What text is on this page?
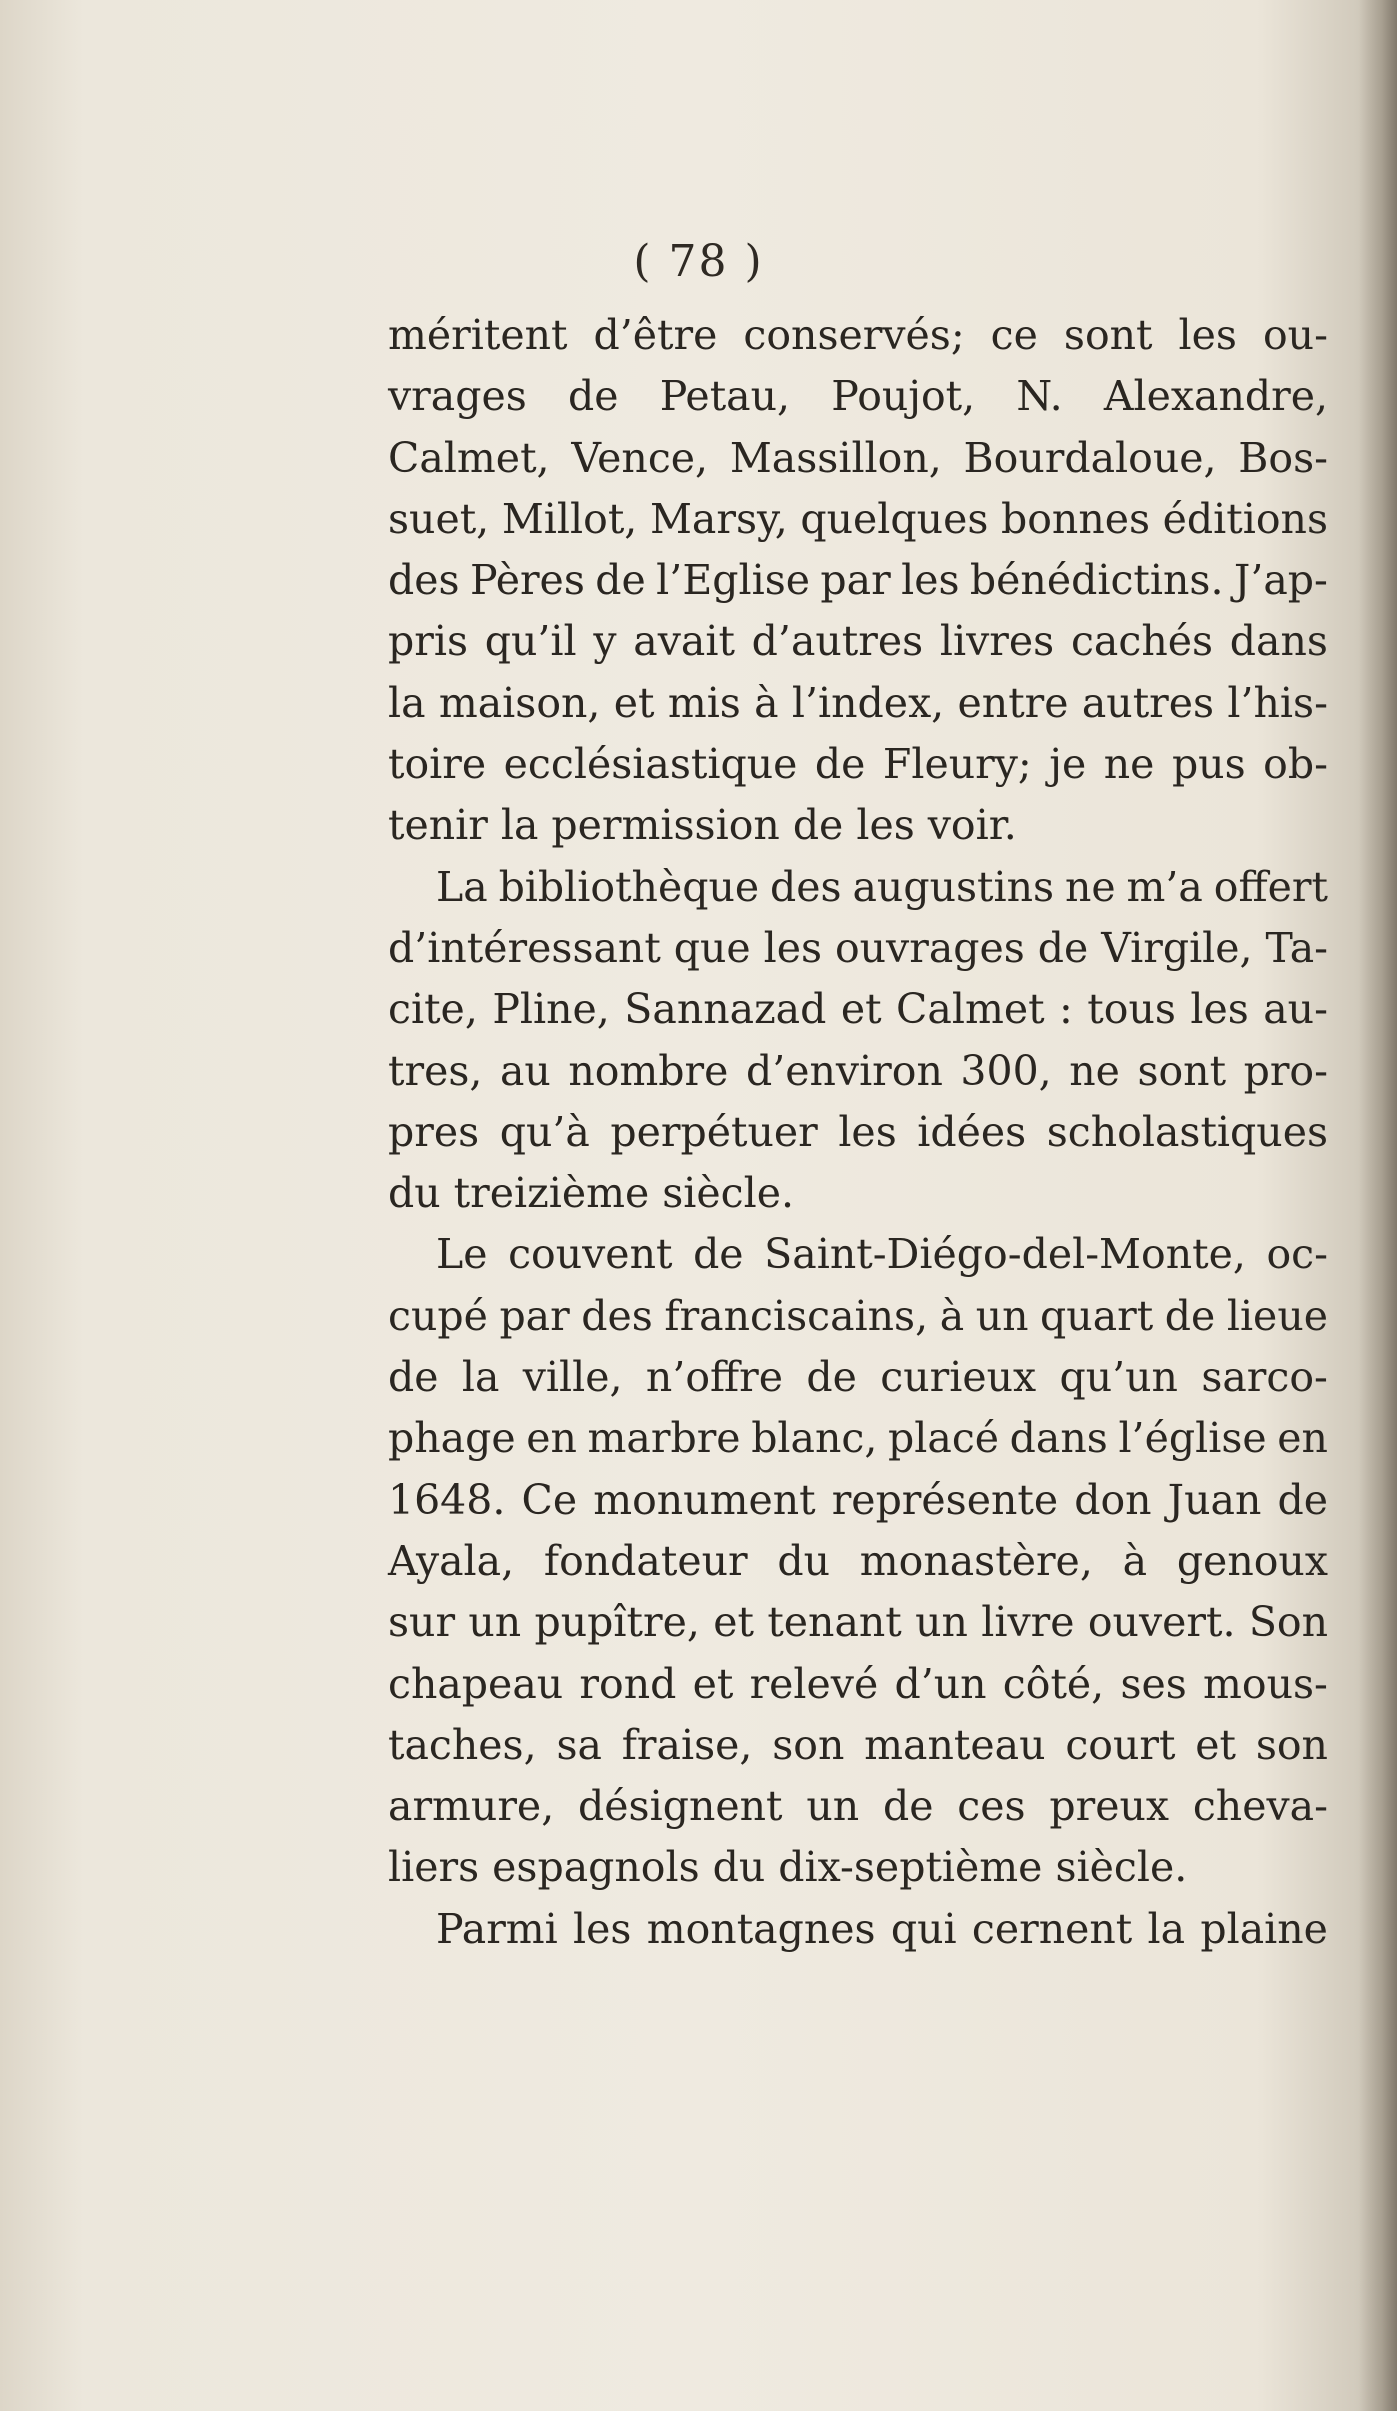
( 78 )
méritent d’être conservés; ce sont les ou-
vrages de Petau, Poujot, N. Alexandre,
Calmet, Vence, Massillon, Bourdaloue, Bos-
suet, Millot, Marsy, quelques bonnes éditions
des Pères de l’Eglise par les bénédictins. J’ap-
pris qu’il y avait d’autres livres cachés dans
la maison, et mis à l’index, entre autres l’his-
toire ecclésiastique de Fleury; je ne pus ob-
tenir la permission de les voir.
La bibliothèque des augustins ne m’a offert
d’intéressant que les ouvrages de Virgile, Ta-
cite, Pline, Sannazad et Calmet : tous les au-
tres, au nombre d’environ 300, ne sont pro-
pres qu’à perpétuer les idées scholastiques
du treizième siècle.
Le couvent de Saint-Diégo-del-Monte, oc-
cupé par des franciscains, à un quart de lieue
de la ville, n’offre de curieux qu’un sarco-
phage en marbre blanc, placé dans l’église en
1648. Ce monument représente don Juan de
Ayala, fondateur du monastère, à genoux
sur un pupître, et tenant un livre ouvert. Son
chapeau rond et relevé d’un côté, ses mous-
taches, sa fraise, son manteau court et son
armure, désignent un de ces preux cheva-
liers espagnols du dix-septième siècle.
Parmi les montagnes qui cernent la plaine
